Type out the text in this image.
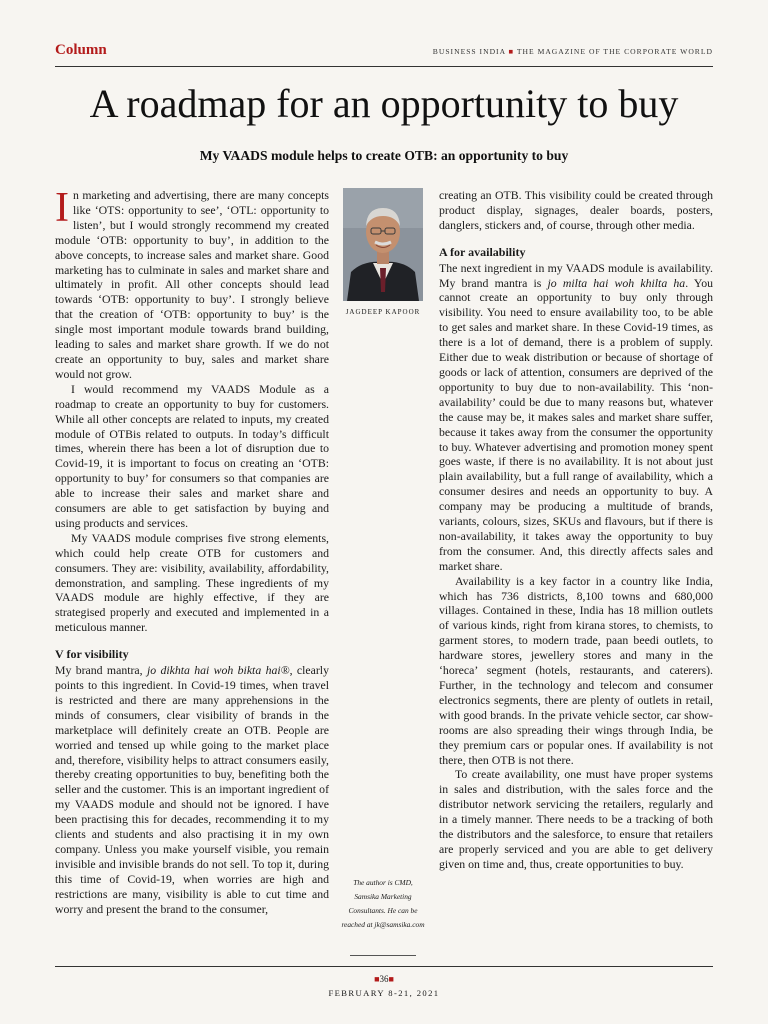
Column	BUSINESS INDIA ■ THE MAGAZINE OF THE CORPORATE WORLD
A roadmap for an opportunity to buy
My VAADS module helps to create OTB: an opportunity to buy

In marketing and advertising, there are many concepts like ‘OTS: opportunity to see’, ‘OTL: opportunity to listen’, but I would strongly recommend my created module ‘OTB: opportunity to buy’, in addition to the above concepts, to increase sales and market share. Good marketing has to culminate in sales and market share and ultimately in profit. All other concepts should lead towards ‘OTB: opportunity to buy’. I strongly believe that the creation of ‘OTB: opportunity to buy’ is the single most important module towards brand building, leading to sales and market share growth. If we do not create an opportunity to buy, sales and market share would not grow.

I would recommend my VAADS Module as a roadmap to create an opportunity to buy for customers. While all other concepts are related to inputs, my created module of OTBis related to outputs. In today’s difficult times, wherein there has been a lot of disruption due to Covid-19, it is important to focus on creating an ‘OTB: opportunity to buy’ for consumers so that companies are able to increase their sales and market share and consumers are able to get satisfaction by buying and using products and services.

My VAADS module comprises five strong elements, which could help create OTB for customers and consumers. They are: visibility, availability, affordability, demonstration, and sampling. These ingredients of my VAADS module are highly effective, if they are strategised properly and executed and implemented in a meticulous manner.

V for visibility

My brand mantra, jo dikhta hai woh bikta hai®, clearly points to this ingredient. In Covid-19 times, when travel is restricted and there are many apprehensions in the minds of consumers, clear visibility of brands in the marketplace will definitely create an OTB. People are worried and tensed up while going to the market place and, therefore, visibility helps to attract consumers easily, thereby creating opportunities to buy, benefiting both the seller and the customer. This is an important ingredient of my VAADS module and should not be ignored. I have been practising this for decades, recommending it to my clients and students and also practising it in my own company. Unless you make yourself visible, you remain invisible and invisible brands do not sell. To top it, during this time of Covid-19, when worries are high and restrictions are many, visibility is able to cut time and worry and present the brand to the consumer,

JAGDEEP KAPOOR
The author is CMD, Samsika Marketing Consultants. He can be reached at jk@samsika.com

creating an OTB. This visibility could be created through product display, signages, dealer boards, posters, danglers, stickers and, of course, through other media.

A for availability

The next ingredient in my VAADS module is availability. My brand mantra is jo milta hai woh khilta ha. You cannot create an opportunity to buy only through visibility. You need to ensure availability too, to be able to get sales and market share. In these Covid-19 times, as there is a lot of demand, there is a problem of supply. Either due to weak distribution or because of shortage of goods or lack of attention, consumers are deprived of the opportunity to buy due to non-availability. This ‘non-availability’ could be due to many reasons but, whatever the cause may be, it makes sales and market share suffer, because it takes away from the consumer the opportunity to buy. Whatever advertising and promotion money spent goes waste, if there is no availability. It is not about just plain availability, but a full range of availability, which a consumer desires and needs an opportunity to buy. A company may be producing a multitude of brands, variants, colours, sizes, SKUs and flavours, but if there is non-availability, it takes away the opportunity to buy from the consumer. And, this directly affects sales and market share.

Availability is a key factor in a country like India, which has 736 districts, 8,100 towns and 680,000 villages. Contained in these, India has 18 million outlets of various kinds, right from kirana stores, to chemists, to garment stores, to modern trade, paan beedi outlets, to hardware stores, jewellery stores and many in the ‘horeca’ segment (hotels, restaurants, and caterers). Further, in the technology and telecom and consumer electronics segments, there are plenty of outlets in retail, with good brands. In the private vehicle sector, car show-rooms are also spreading their wings through India, be they premium cars or popular ones. If availability is not there, then OTB is not there.

To create availability, one must have proper systems in sales and distribution, with the sales force and the distributor network servicing the retailers, regularly and in a timely manner. There needs to be a tracking of both the distributors and the salesforce, to ensure that retailers are properly serviced and you are able to get delivery given on time and, thus, create opportunities to buy.

■36■
FEBRUARY 8-21, 2021
